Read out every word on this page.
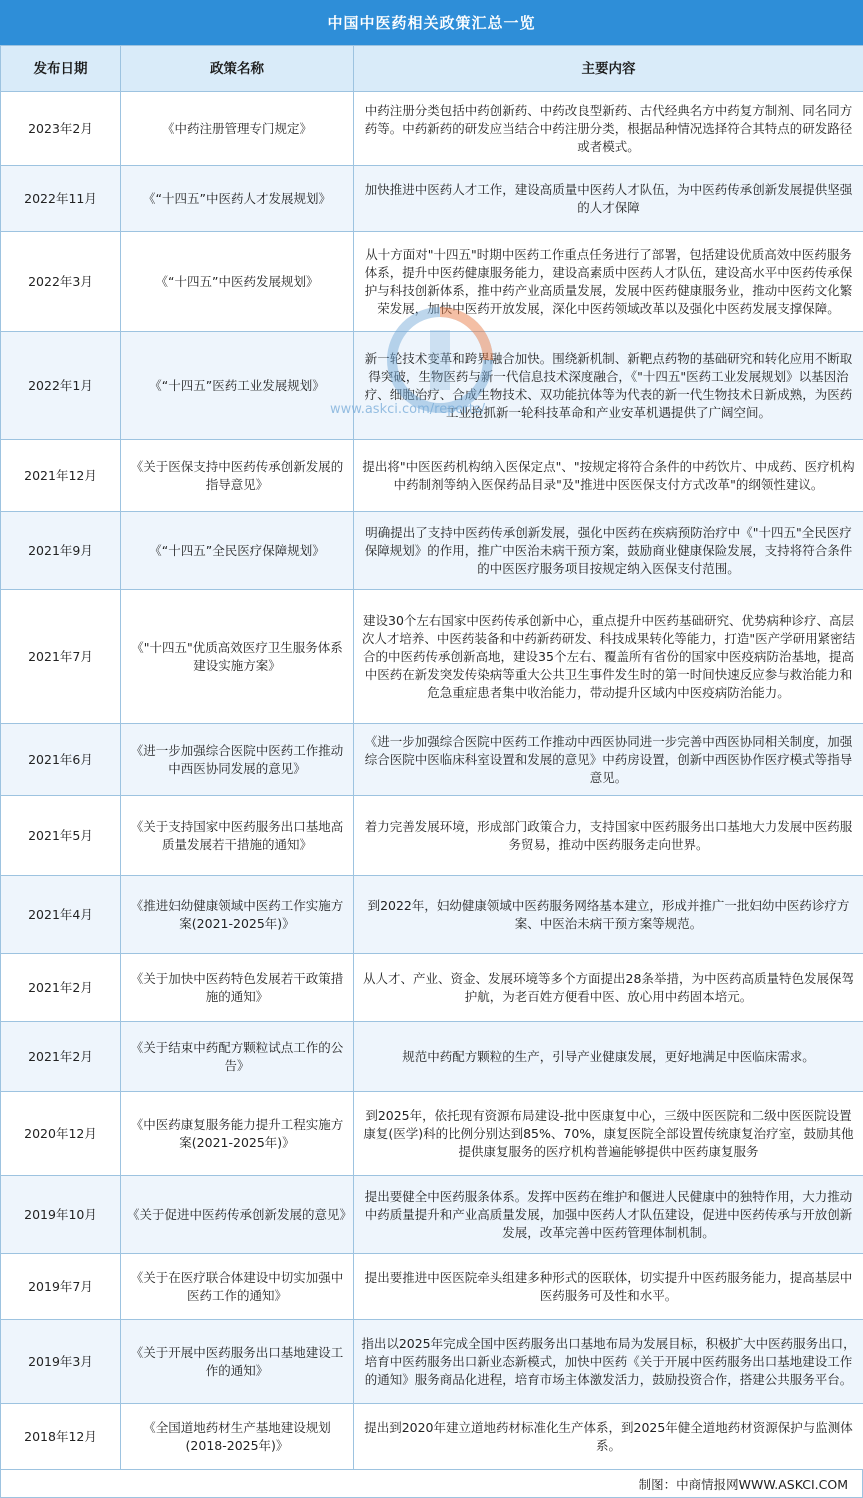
中国中医药相关政策汇总一览
发布日期	政策名称	主要内容
2023年2月	《中药注册管理专门规定》	中药注册分类包括中药创新药、中药改良型新药、古代经典名方中药复方制剂、同名同方药等。中药新药的研发应当结合中药注册分类，根据品种情况选择符合其特点的研发路径或者模式。
2022年11月	《“十四五”中医药人才发展规划》	加快推进中医药人才工作，建设高质量中医药人才队伍，为中医药传承创新发展提供坚强的人才保障
2022年3月	《“十四五”中医药发展规划》	从十方面对"十四五"时期中医药工作重点任务进行了部署，包括建设优质高效中医药服务体系，提升中医药健康服务能力，建设高素质中医药人才队伍，建设高水平中医药传承保护与科技创新体系，推中药产业高质量发展，发展中医药健康服务业，推动中医药文化繁荣发展，加快中医药开放发展，深化中医药领域改革以及强化中医药发展支撑保障。
2022年1月	《“十四五”医药工业发展规划》	新一轮技术变革和跨界融合加快。围绕新机制、新靶点药物的基础研究和转化应用不断取得突破，生物医药与新一代信息技术深度融合，《"十四五"医药工业发展规划》以基因治疗、细胞治疗、合成生物技术、双功能抗体等为代表的新一代生物技术日新成熟，为医药工业抢抓新一轮科技革命和产业安革机遇提供了广阔空间。
2021年12月	《关于医保支持中医药传承创新发展的指导意见》	提出将"中医医药机构纳入医保定点"、"按规定将符合条件的中药饮片、中成药、医疗机构中药制剂等纳入医保药品目录"及"推进中医医保支付方式改革"的纲领性建议。
2021年9月	《“十四五”全民医疗保障规划》	明确提出了支持中医药传承创新发展，强化中医药在疾病预防治疗中《"十四五"全民医疗保障规划》的作用，推广中医治未病干预方案，鼓励商业健康保险发展，支持将符合条件的中医医疗服务项目按规定纳入医保支付范围。
2021年7月	《"十四五"优质高效医疗卫生服务体系建设实施方案》	建设30个左右国家中医药传承创新中心，重点提升中医药基础研究、优势病种诊疗、高层次人才培养、中医药装备和中药新药研发、科技成果转化等能力，打造"医产学研用紧密结合的中医药传承创新高地，建设35个左右、覆盖所有省份的国家中医疫病防治基地，提高中医药在新发突发传染病等重大公共卫生事件发生时的第一时间快速反应参与救治能力和危急重症患者集中收治能力，带动提升区域内中医疫病防治能力。
2021年6月	《进一步加强综合医院中医药工作推动中西医协同发展的意见》	《进一步加强综合医院中医药工作推动中西医协同进一步完善中西医协同相关制度，加强综合医院中医临床科室设置和发展的意见》中药房设置，创新中西医协作医疗模式等指导意见。
2021年5月	《关于支持国家中医药服务出口基地高质量发展若干措施的通知》	着力完善发展环境，形成部门政策合力，支持国家中医药服务出口基地大力发展中医药服务贸易，推动中医药服务走向世界。
2021年4月	《推进妇幼健康领域中医药工作实施方案(2021-2025年)》	到2022年，妇幼健康领域中医药服务网络基本建立，形成并推广一批妇幼中医药诊疗方案、中医治未病干预方案等规范。
2021年2月	《关于加快中医药特色发展若干政策措施的通知》	从人才、产业、资金、发展环境等多个方面提出28条举措，为中医药高质量特色发展保驾护航，为老百姓方便看中医、放心用中药固本培元。
2021年2月	《关于结束中药配方颗粒试点工作的公告》	规范中药配方颗粒的生产，引导产业健康发展，更好地满足中医临床需求。
2020年12月	《中医药康复服务能力提升工程实施方案(2021-2025年)》	到2025年，依托现有资源布局建设-批中医康复中心，三级中医医院和二级中医医院设置康复(医学)科的比例分别达到85%、70%，康复医院全部设置传统康复治疗室，鼓励其他提供康复服务的医疗机构普遍能够提供中医药康复服务
2019年10月	《关于促进中医药传承创新发展的意见》	提出要健全中医药服条体系。发挥中医药在维护和偃进人民健康中的独特作用，大力推动中药质量提升和产业高质量发展，加强中医药人才队伍建设，促进中医药传承与开放创新发展，改革完善中医药管理体制机制。
2019年7月	《关于在医疗联合体建设中切实加强中医药工作的通知》	提出要推进中医医院牵头组建多种形式的医联体，切实提升中医药服务能力，提高基层中医药服务可及性和水平。
2019年3月	《关于开展中医药服务出口基地建设工作的通知》	指出以2025年完成全国中医药服务出口基地布局为发展目标，积极扩大中医药服务出口，培育中医药服务出口新业态新模式，加快中医药《关于开展中医药服务出口基地建设工作的通知》服务商品化进程，培育市场主体激发活力，鼓励投资合作，搭建公共服务平台。
2018年12月	《全国道地药材生产基地建设规划(2018-2025年)》	提出到2020年建立道地药材标准化生产体系，到2025年健全道地药材资源保护与监测体系。
www.askci.com/reports/
制图：中商情报网WWW.ASKCI.COM
